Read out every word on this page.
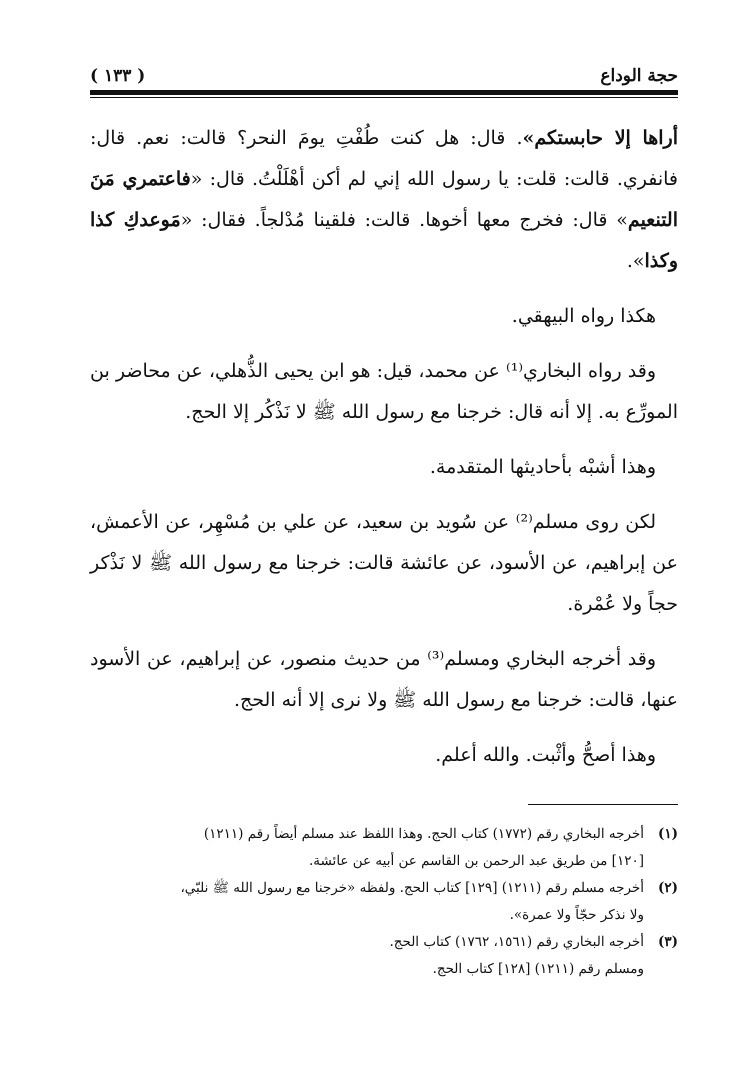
حجة الوداع
( ١٣٣ )

أراها إلا حابستكم». قال: هل كنت طُفْتِ يومَ النحر؟ قالت: نعم. قال: فانفري. قالت: قلت: يا رسول الله إني لم أكن أهْلَلْتُ. قال: «فاعتمري مَنَ التنعيم» قال: فخرج معها أخوها. قالت: فلقينا مُدْلجاً. فقال: «مَوعدكِ كذا وكذا».

هكذا رواه البيهقي.

وقد رواه البخاري⁽¹⁾ عن محمد، قيل: هو ابن يحيى الذُّهلي، عن محاضر بن المورِّع به. إلا أنه قال: خرجنا مع رسول الله ﷺ لا نَذْكُر إلا الحج.

وهذا أشبْه بأحاديثها المتقدمة.

لكن روى مسلم⁽²⁾ عن سُويد بن سعيد، عن علي بن مُسْهِر، عن الأعمش، عن إبراهيم، عن الأسود، عن عائشة قالت: خرجنا مع رسول الله ﷺ لا نَذْكر حجاً ولا عُمْرة.

وقد أخرجه البخاري ومسلم⁽³⁾ من حديث منصور، عن إبراهيم، عن الأسود عنها، قالت: خرجنا مع رسول الله ﷺ ولا نرى إلا أنه الحج.

وهذا أصحُّ وأثْبت. والله أعلم.

(١)
أخرجه البخاري رقم (١٧٧٢) كتاب الحج. وهذا اللفظ عند مسلم أيضاً رقم (١٢١١)
[١٢٠] من طريق عبد الرحمن بن القاسم عن أبيه عن عائشة.
(٢)
أخرجه مسلم رقم (١٢١١) [١٢٩] كتاب الحج. ولفظه «خرجنا مع رسول الله ﷺ نلبّي،
ولا نذكر حجّاً ولا عمرة».
(٣)
أخرجه البخاري رقم (١٥٦١، ١٧٦٢) كتاب الحج.
ومسلم رقم (١٢١١) [١٢٨] كتاب الحج.
